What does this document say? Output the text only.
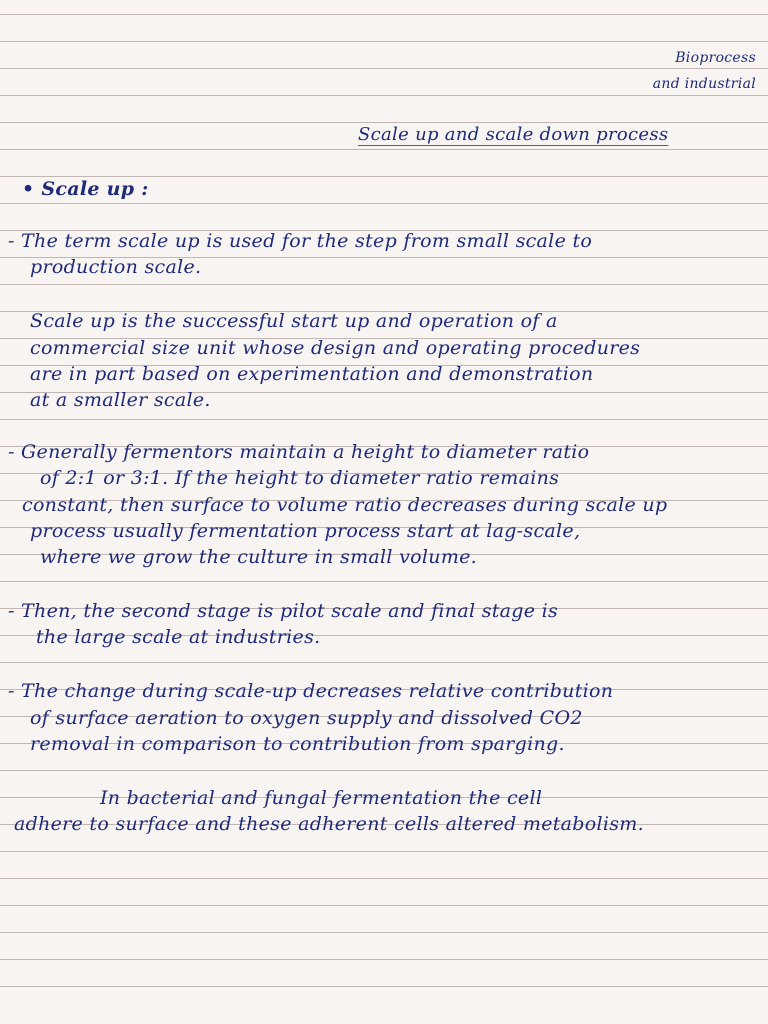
Bioprocess
and industrial
Scale up and scale down process
• Scale up :
- The term scale up is used for the step from small scale to
production scale.
Scale up is the successful start up and operation of a
commercial size unit whose design and operating procedures
are in part based on experimentation and demonstration
at a smaller scale.
- Generally fermentors maintain a height to diameter ratio
of 2:1 or 3:1. If the height to diameter ratio remains
constant, then surface to volume ratio decreases during scale up
process usually fermentation process start at lag-scale,
where we grow the culture in small volume.
- Then, the second stage is pilot scale and final stage is
the large scale at industries.
- The change during scale-up decreases relative contribution
of surface aeration to oxygen supply and dissolved CO2
removal in comparison to contribution from sparging.
In bacterial and fungal fermentation the cell
adhere to surface and these adherent cells altered metabolism.
